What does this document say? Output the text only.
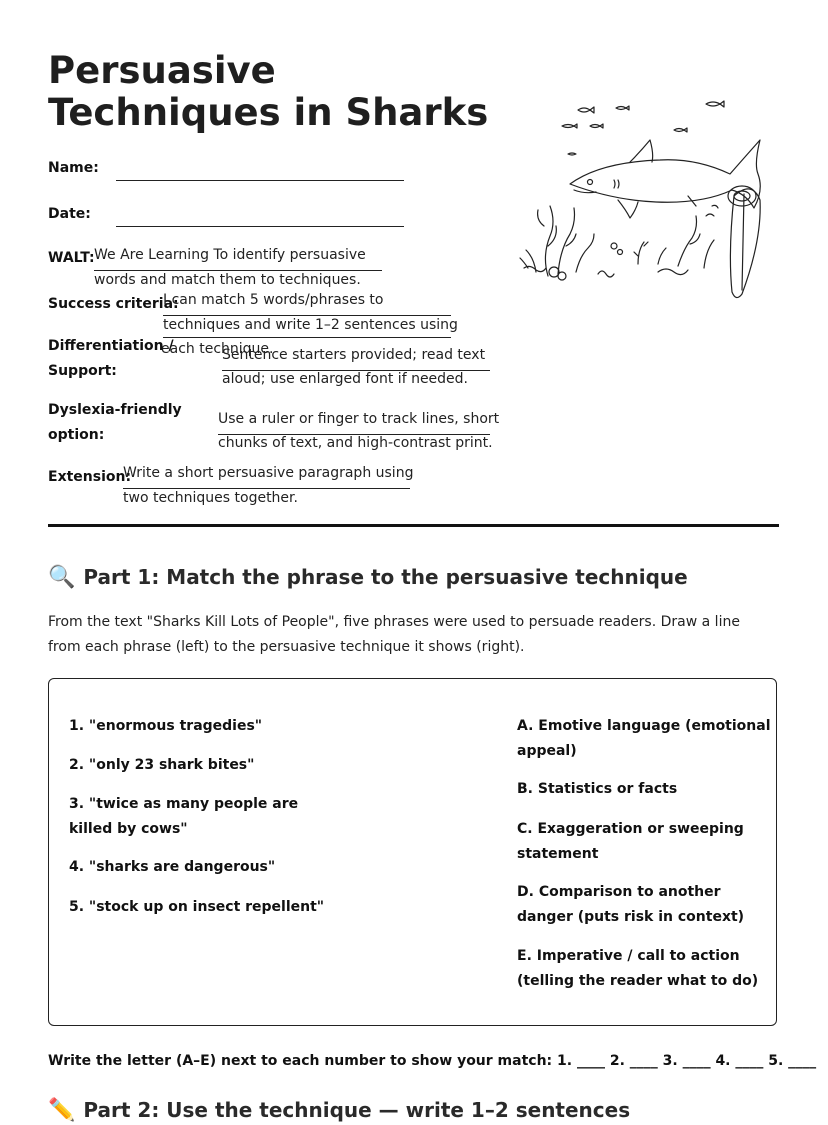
Persuasive Techniques in Sharks
Name:
Date:
WALT: We Are Learning To identify persuasive
words and match them to techniques.
Success criteria:
I can match 5 words/phrases to
techniques and write 1–2 sentences using
each technique.
Differentiation /
Support:
Sentence starters provided; read text
aloud; use enlarged font if needed.
Dyslexia-friendly
option:
Use a ruler or finger to track lines, short
chunks of text, and high-contrast print.
Extension:
Write a short persuasive paragraph using
two techniques together.
🔍 Part 1: Match the phrase to the persuasive technique

From the text "Sharks Kill Lots of People", five phrases were used to persuade readers. Draw a line from each phrase (left) to the persuasive technique it shows (right).

1. "enormous tragedies"
2. "only 23 shark bites"
3. "twice as many people are
killed by cows"
4. "sharks are dangerous"
5. "stock up on insect repellent"
A. Emotive language (emotional
appeal)
B. Statistics or facts
C. Exaggeration or sweeping
statement
D. Comparison to another
danger (puts risk in context)
E. Imperative / call to action
(telling the reader what to do)
Write the letter (A–E) next to each number to show your match: 1. ____ 2. ____ 3. ____ 4. ____ 5. ____
✏️ Part 2: Use the technique — write 1–2 sentences
